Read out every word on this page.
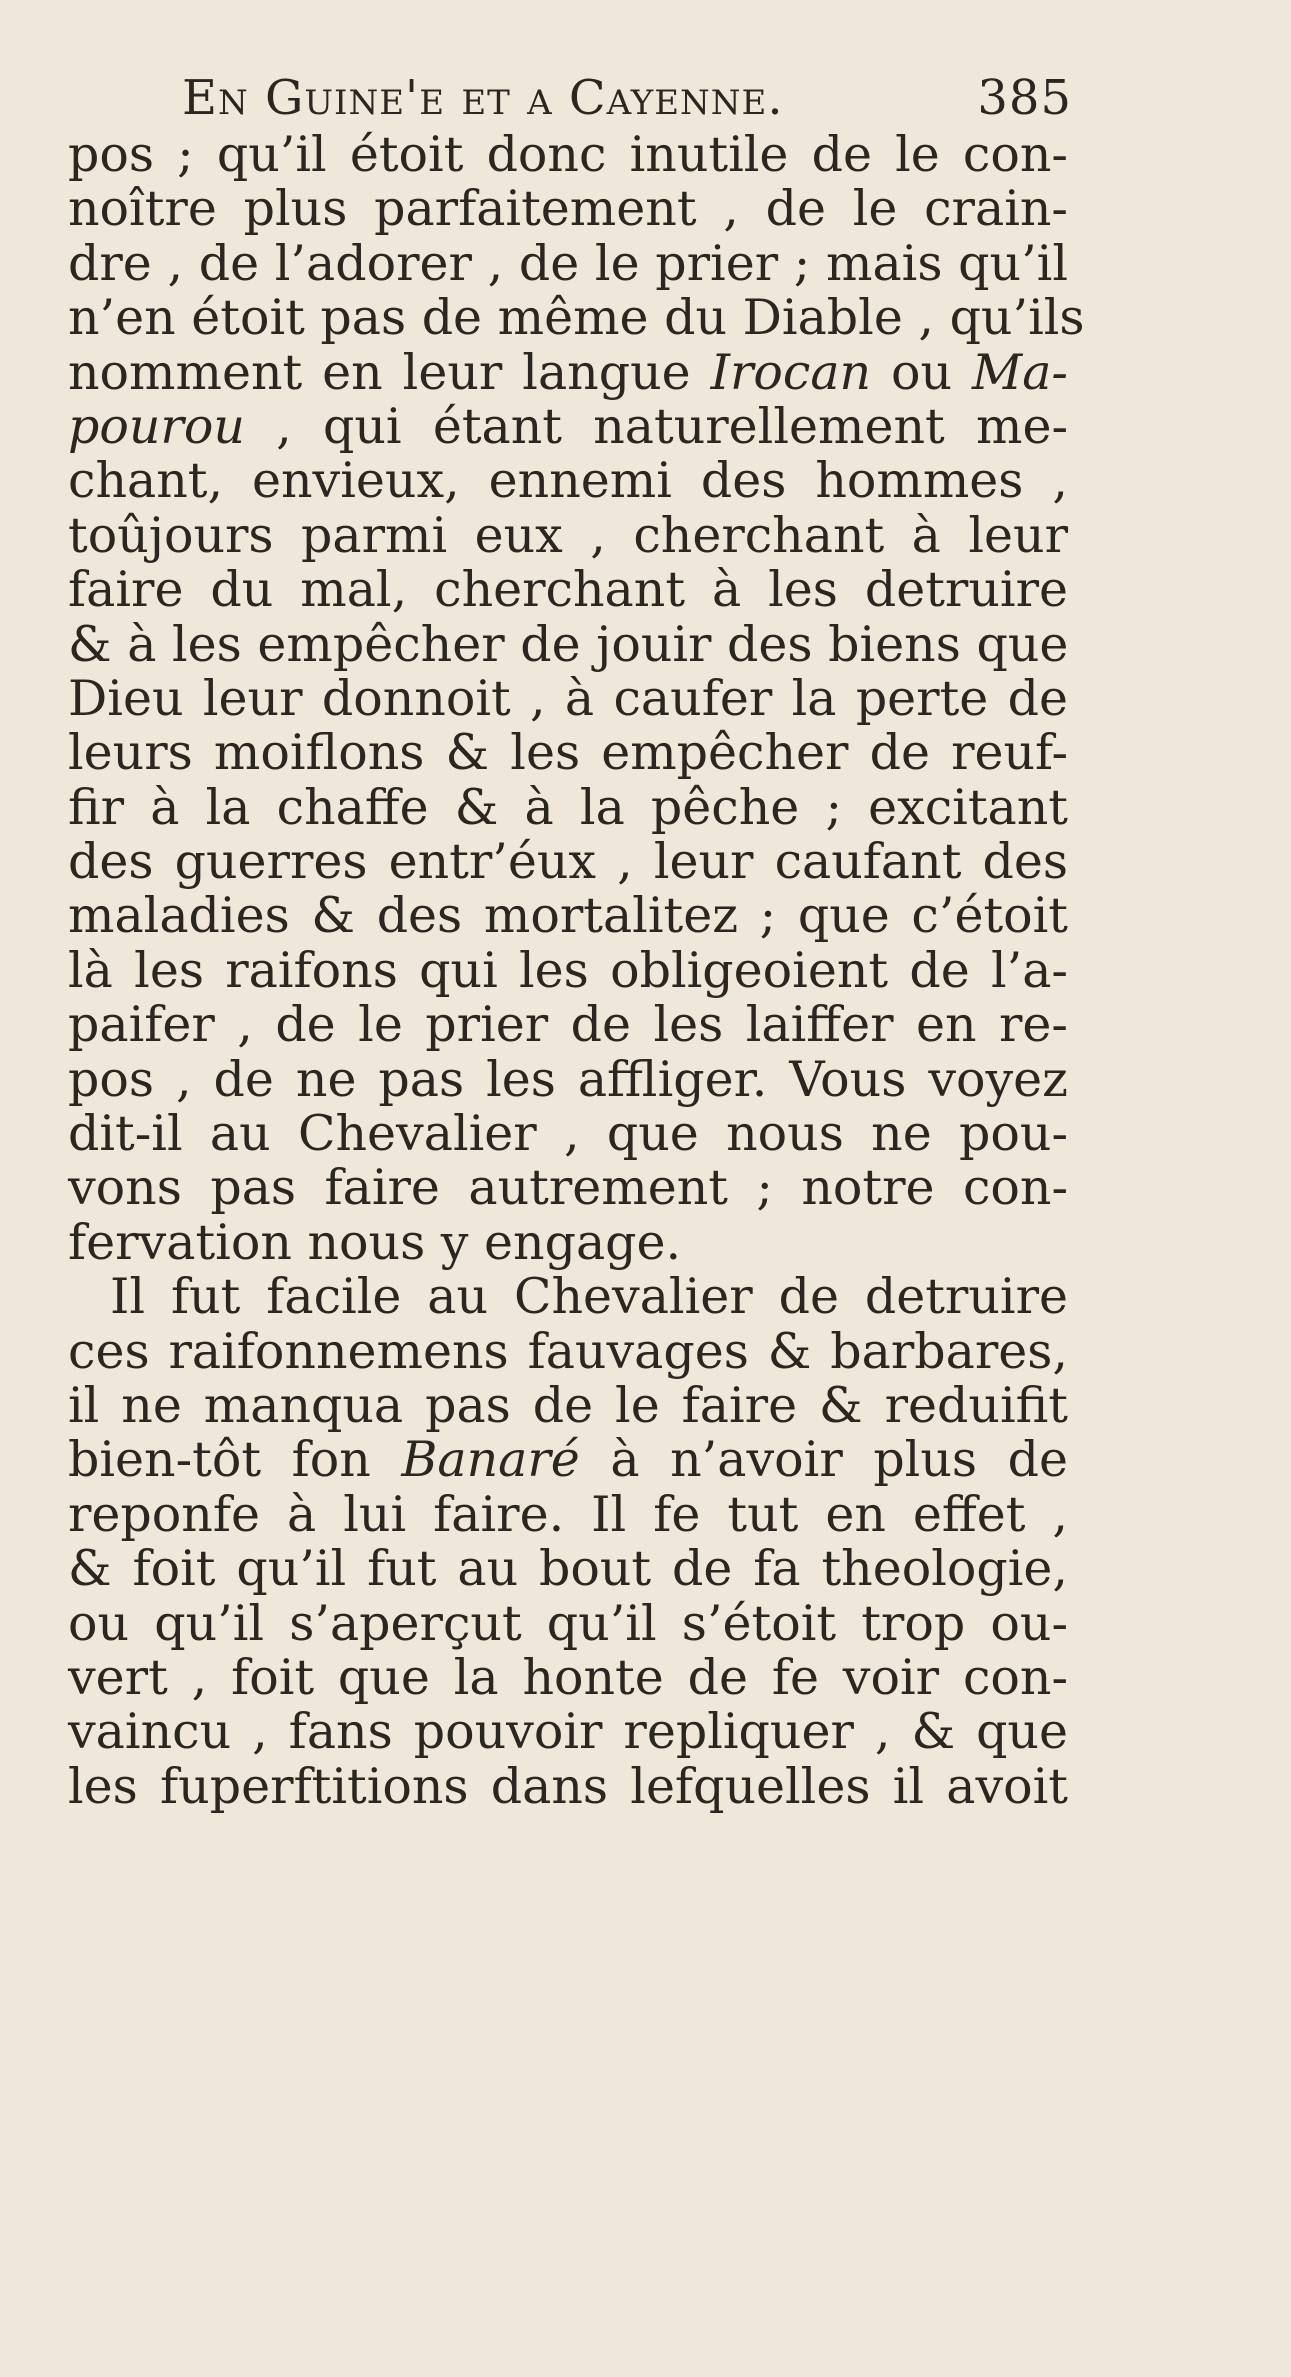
En Guine'e et a Cayenne.	385
pos ; qu’il étoit donc inutile de le con-
noître plus parfaitement , de le crain-
dre , de l’adorer , de le prier ; mais qu’il
n’en étoit pas de même du Diable , qu’ils
nomment en leur langue Irocan ou Ma-
pourou , qui étant naturellement me-
chant, envieux, ennemi des hommes ,
toûjours parmi eux , cherchant à leur
faire du mal, cherchant à les detruire
& à les empêcher de jouir des biens que
Dieu leur donnoit , à caufer la perte de
leurs moiflons & les empêcher de reuf-
fir à la chaffe & à la pêche ; excitant
des guerres entr’éux , leur caufant des
maladies & des mortalitez ; que c’étoit
là les raifons qui les obligeoient de l’a-
paifer , de le prier de les laiffer en re-
pos , de ne pas les affliger. Vous voyez
dit-il au Chevalier , que nous ne pou-
vons pas faire autrement ; notre con-
fervation nous y engage.
Il fut facile au Chevalier de detruire
ces raifonnemens fauvages & barbares,
il ne manqua pas de le faire & reduifit
bien-tôt fon Banaré à n’avoir plus de
reponfe à lui faire. Il fe tut en effet ,
& foit qu’il fut au bout de fa theologie,
ou qu’il s’aperçut qu’il s’étoit trop ou-
vert , foit que la honte de fe voir con-
vaincu , fans pouvoir repliquer , & que
les fuperftitions dans lefquelles il avoit
